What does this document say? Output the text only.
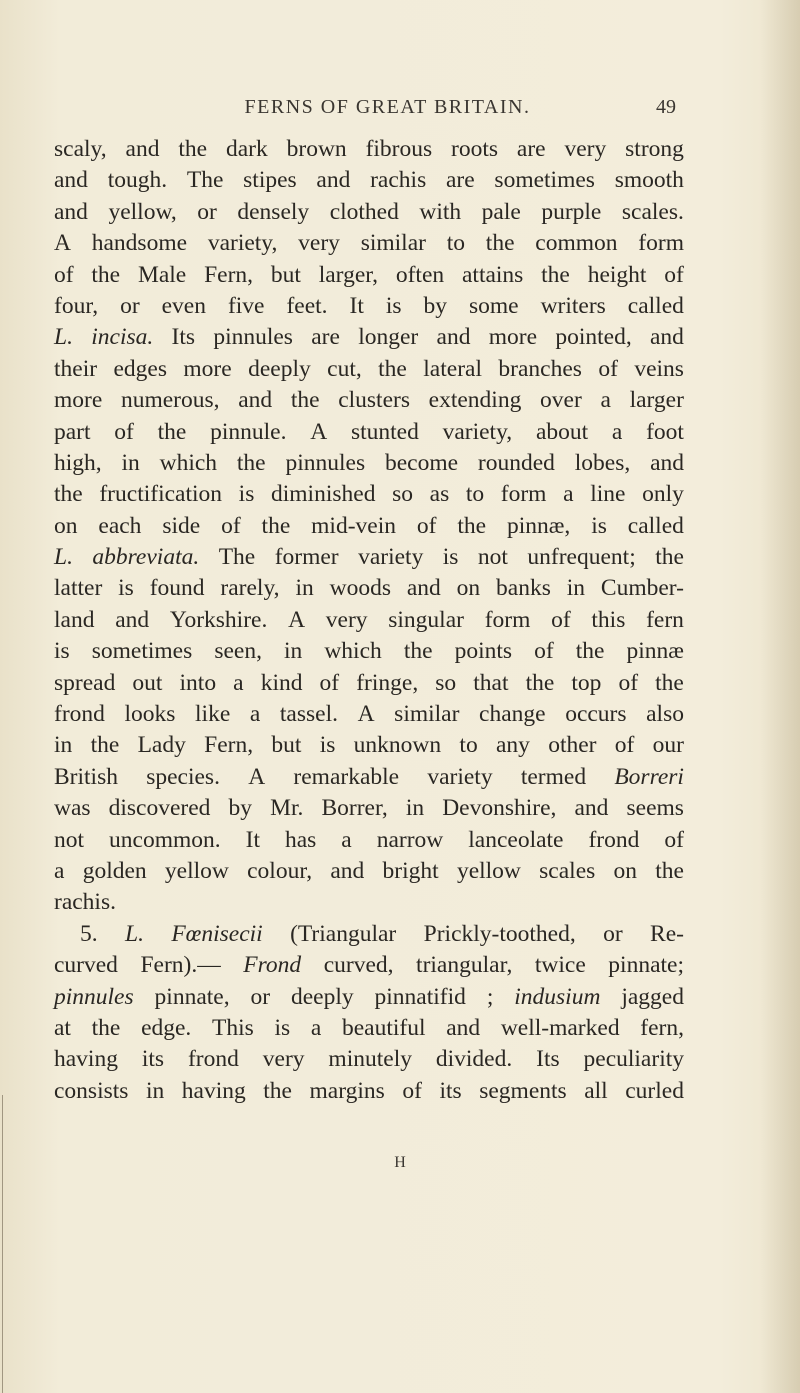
FERNS OF GREAT BRITAIN.	49
scaly, and the dark brown fibrous roots are very strong
and tough. The stipes and rachis are sometimes smooth
and yellow, or densely clothed with pale purple scales.
A handsome variety, very similar to the common form
of the Male Fern, but larger, often attains the height of
four, or even five feet. It is by some writers called
L. incisa. Its pinnules are longer and more pointed, and
their edges more deeply cut, the lateral branches of veins
more numerous, and the clusters extending over a larger
part of the pinnule. A stunted variety, about a foot
high, in which the pinnules become rounded lobes, and
the fructification is diminished so as to form a line only
on each side of the mid-vein of the pinnæ, is called
L. abbreviata. The former variety is not unfrequent; the
latter is found rarely, in woods and on banks in Cumber-
land and Yorkshire. A very singular form of this fern
is sometimes seen, in which the points of the pinnæ
spread out into a kind of fringe, so that the top of the
frond looks like a tassel. A similar change occurs also
in the Lady Fern, but is unknown to any other of our
British species. A remarkable variety termed Borreri
was discovered by Mr. Borrer, in Devonshire, and seems
not uncommon. It has a narrow lanceolate frond of
a golden yellow colour, and bright yellow scales on the
rachis.
5. L. Fœnisecii (Triangular Prickly-toothed, or Re-
curved Fern).— Frond curved, triangular, twice pinnate;
pinnules pinnate, or deeply pinnatifid ; indusium jagged
at the edge. This is a beautiful and well-marked fern,
having its frond very minutely divided. Its peculiarity
consists in having the margins of its segments all curled
H
